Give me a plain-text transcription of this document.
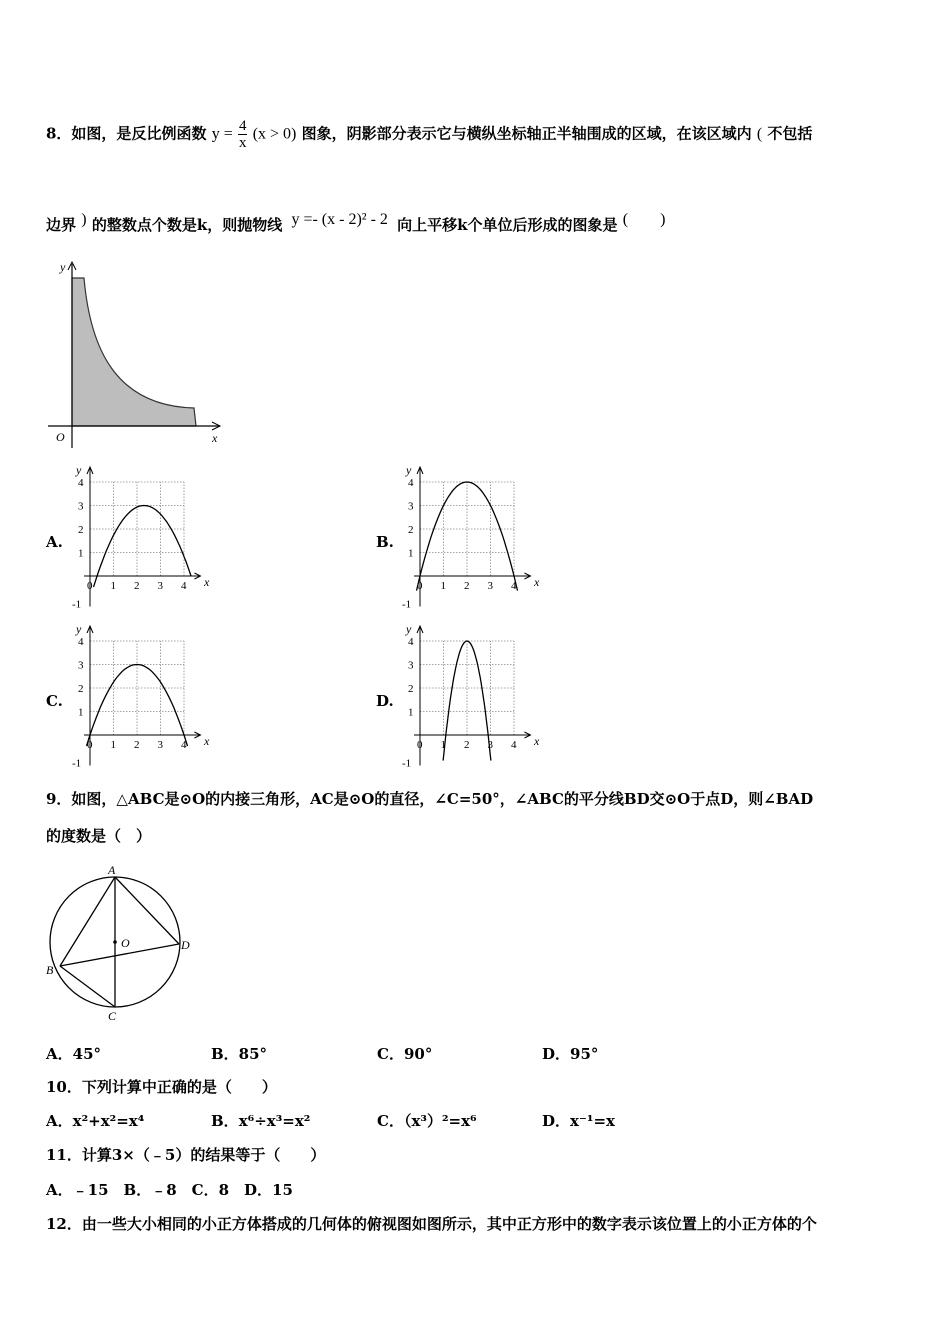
8．如图，是反比例函数 $y = \frac{4}{x} (x > 0)$ 图象，阴影部分表示它与横纵坐标轴正半轴围成的区域，在该区域内 ( 不包括
边界 ) 的整数点个数是k，则抛物线 y =- (x - 2)² - 2 向上平移k个单位后形成的图象是 (　　)
y
x
O
A.
y
x
4
3
2
1
0 1 2 3 4
-1
B.
y
x
4
3
2
1
0 1 2 3 4
-1
C.
y
x
4
3
2
1
0 1 2 3 4
-1
D.
y
x
4
3
2
1
0 1 2 3 4
-1
9．如图，△ABC是⊙O的内接三角形，AC是⊙O的直径，∠C=50°，∠ABC的平分线BD交⊙O于点D，则∠BAD
的度数是（　）
A
B
C
D
O
A．45°	B．85°	C．90°	D．95°
10．下列计算中正确的是（　　）
A．x²+x²=x⁴	B．x⁶÷x³=x²	C．（x³）²=x⁶	D．x⁻¹=x
11．计算3×（﹣5）的结果等于（　　）
A．﹣15　B．﹣8　C．8　D．15
12．由一些大小相同的小正方体搭成的几何体的俯视图如图所示，其中正方形中的数字表示该位置上的小正方体的个
